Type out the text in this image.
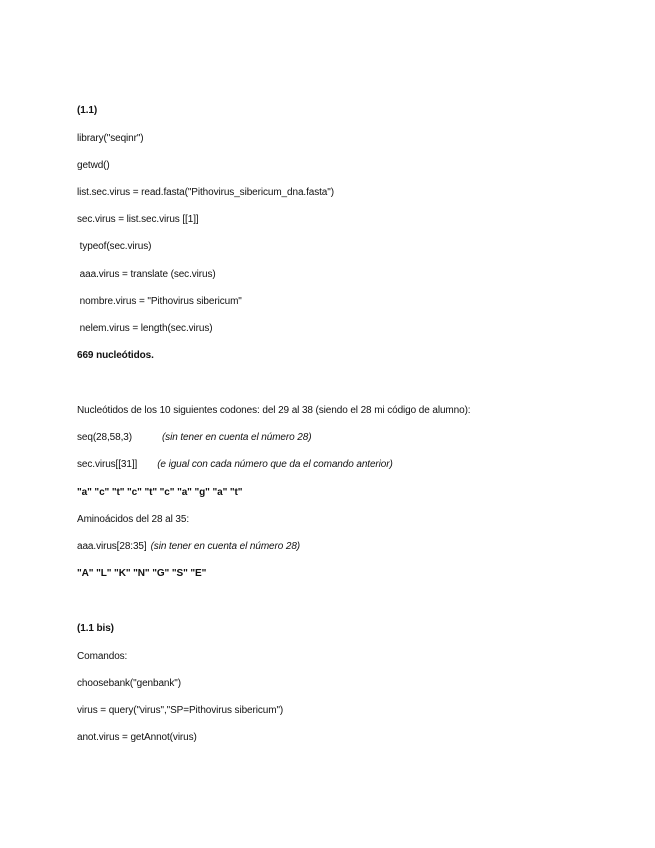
(1.1)
library("seqinr")
getwd()
list.sec.virus = read.fasta("Pithovirus_sibericum_dna.fasta")
sec.virus = list.sec.virus [[1]]
typeof(sec.virus)
aaa.virus = translate (sec.virus)
nombre.virus = "Pithovirus sibericum"
nelem.virus = length(sec.virus)
669 nucleótidos.
Nucleótidos de los 10 siguientes codones: del 29 al 38 (siendo el 28 mi código de alumno):
seq(28,58,3)	(sin tener en cuenta el número 28)
sec.virus[[31]] (e igual con cada número que da el comando anterior)
"a" "c" "t" "c" "t" "c" "a" "g" "a" "t"
Aminoácidos del 28 al 35:
aaa.virus[28:35] (sin tener en cuenta el número 28)
"A" "L" "K" "N" "G" "S" "E"
(1.1 bis)
Comandos:
choosebank("genbank")
virus = query("virus","SP=Pithovirus sibericum")
anot.virus = getAnnot(virus)
